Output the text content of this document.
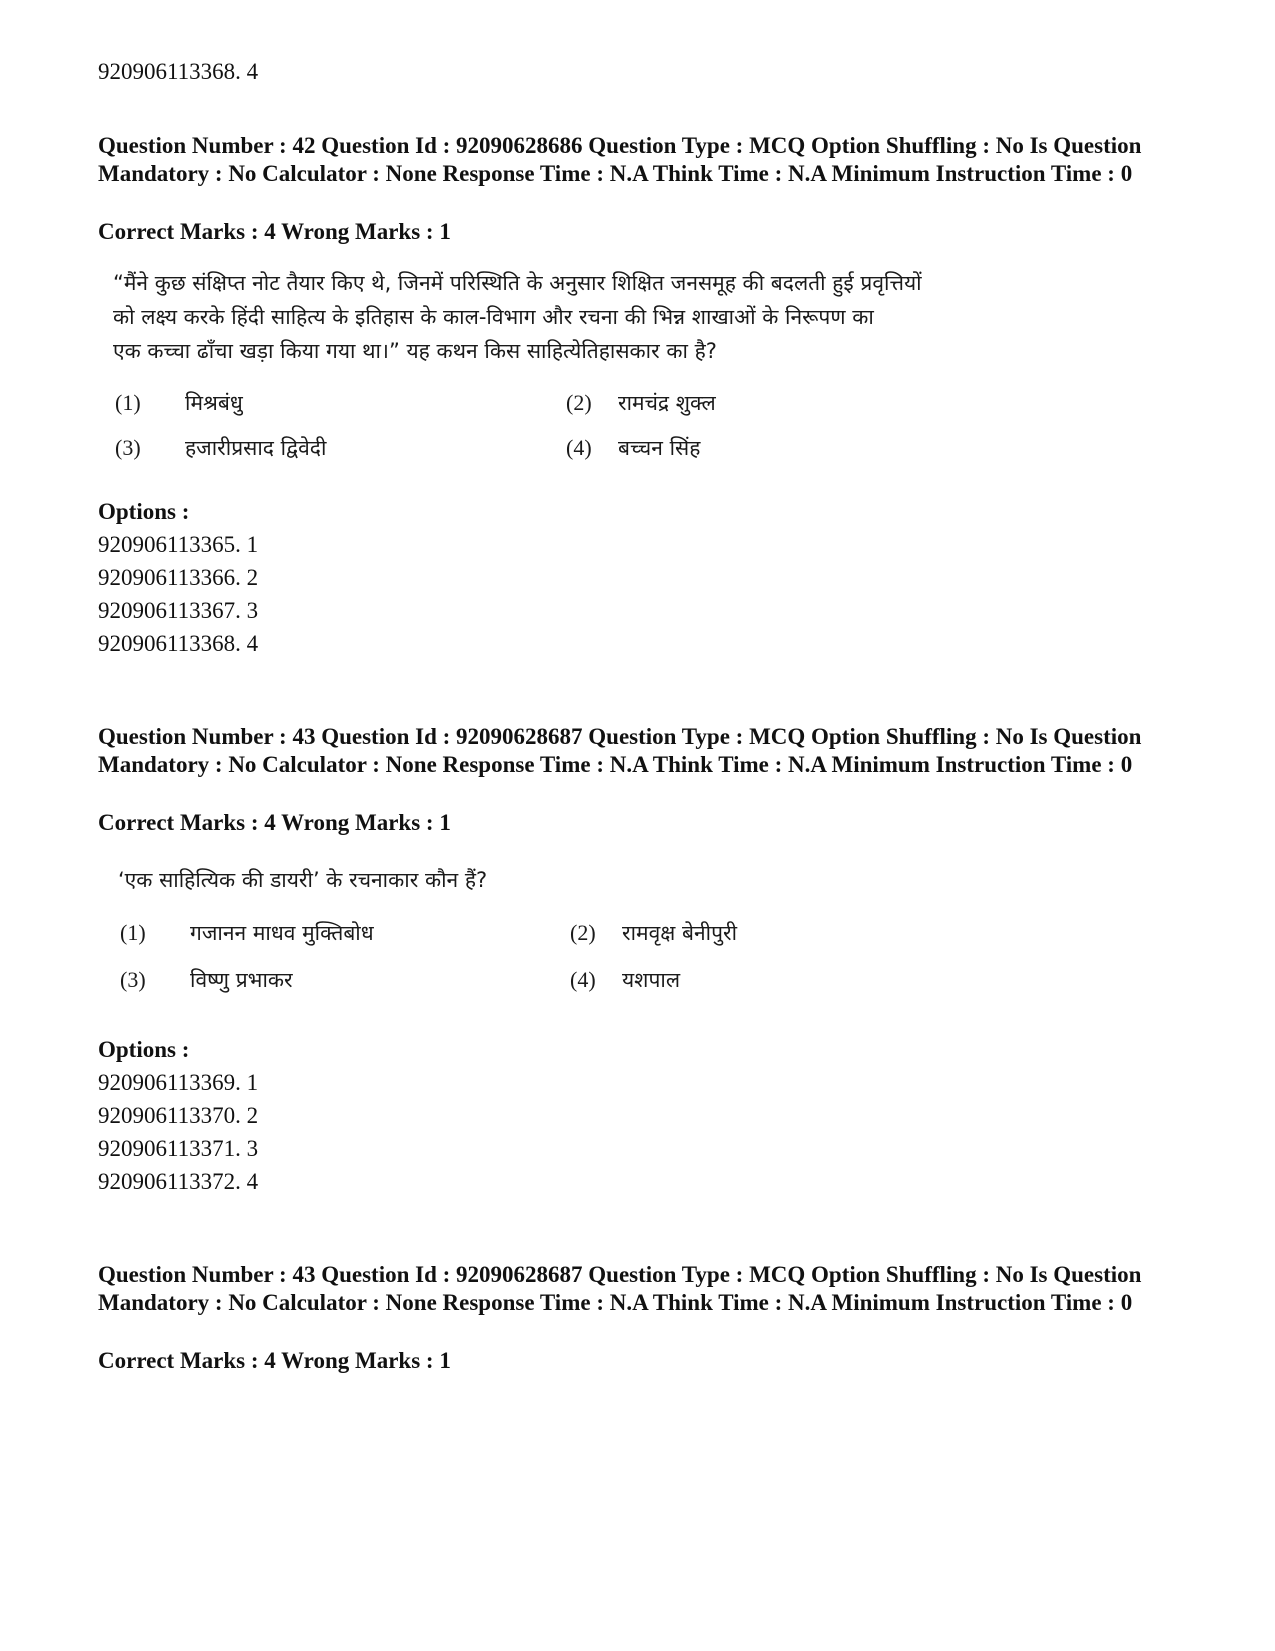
920906113368. 4
Question Number : 42 Question Id : 92090628686 Question Type : MCQ Option Shuffling : No Is Question Mandatory : No Calculator : None Response Time : N.A Think Time : N.A Minimum Instruction Time : 0
Correct Marks : 4 Wrong Marks : 1
“मैंने कुछ संक्षिप्त नोट तैयार किए थे, जिनमें परिस्थिति के अनुसार शिक्षित जनसमूह की बदलती हुई प्रवृत्तियों
को लक्ष्य करके हिंदी साहित्य के इतिहास के काल-विभाग और रचना की भिन्न शाखाओं के निरूपण का
एक कच्चा ढाँचा खड़ा किया गया था।” यह कथन किस साहित्येतिहासकार का है?
(1) मिश्रबंधु	(2) रामचंद्र शुक्ल
(3) हजारीप्रसाद द्विवेदी	(4) बच्चन सिंह
Options :
920906113365. 1
920906113366. 2
920906113367. 3
920906113368. 4
Question Number : 43 Question Id : 92090628687 Question Type : MCQ Option Shuffling : No Is Question Mandatory : No Calculator : None Response Time : N.A Think Time : N.A Minimum Instruction Time : 0
Correct Marks : 4 Wrong Marks : 1
‘एक साहित्यिक की डायरी’ के रचनाकार कौन हैं?
(1) गजानन माधव मुक्तिबोध	(2) रामवृक्ष बेनीपुरी
(3) विष्णु प्रभाकर	(4) यशपाल
Options :
920906113369. 1
920906113370. 2
920906113371. 3
920906113372. 4
Question Number : 43 Question Id : 92090628687 Question Type : MCQ Option Shuffling : No Is Question Mandatory : No Calculator : None Response Time : N.A Think Time : N.A Minimum Instruction Time : 0
Correct Marks : 4 Wrong Marks : 1
